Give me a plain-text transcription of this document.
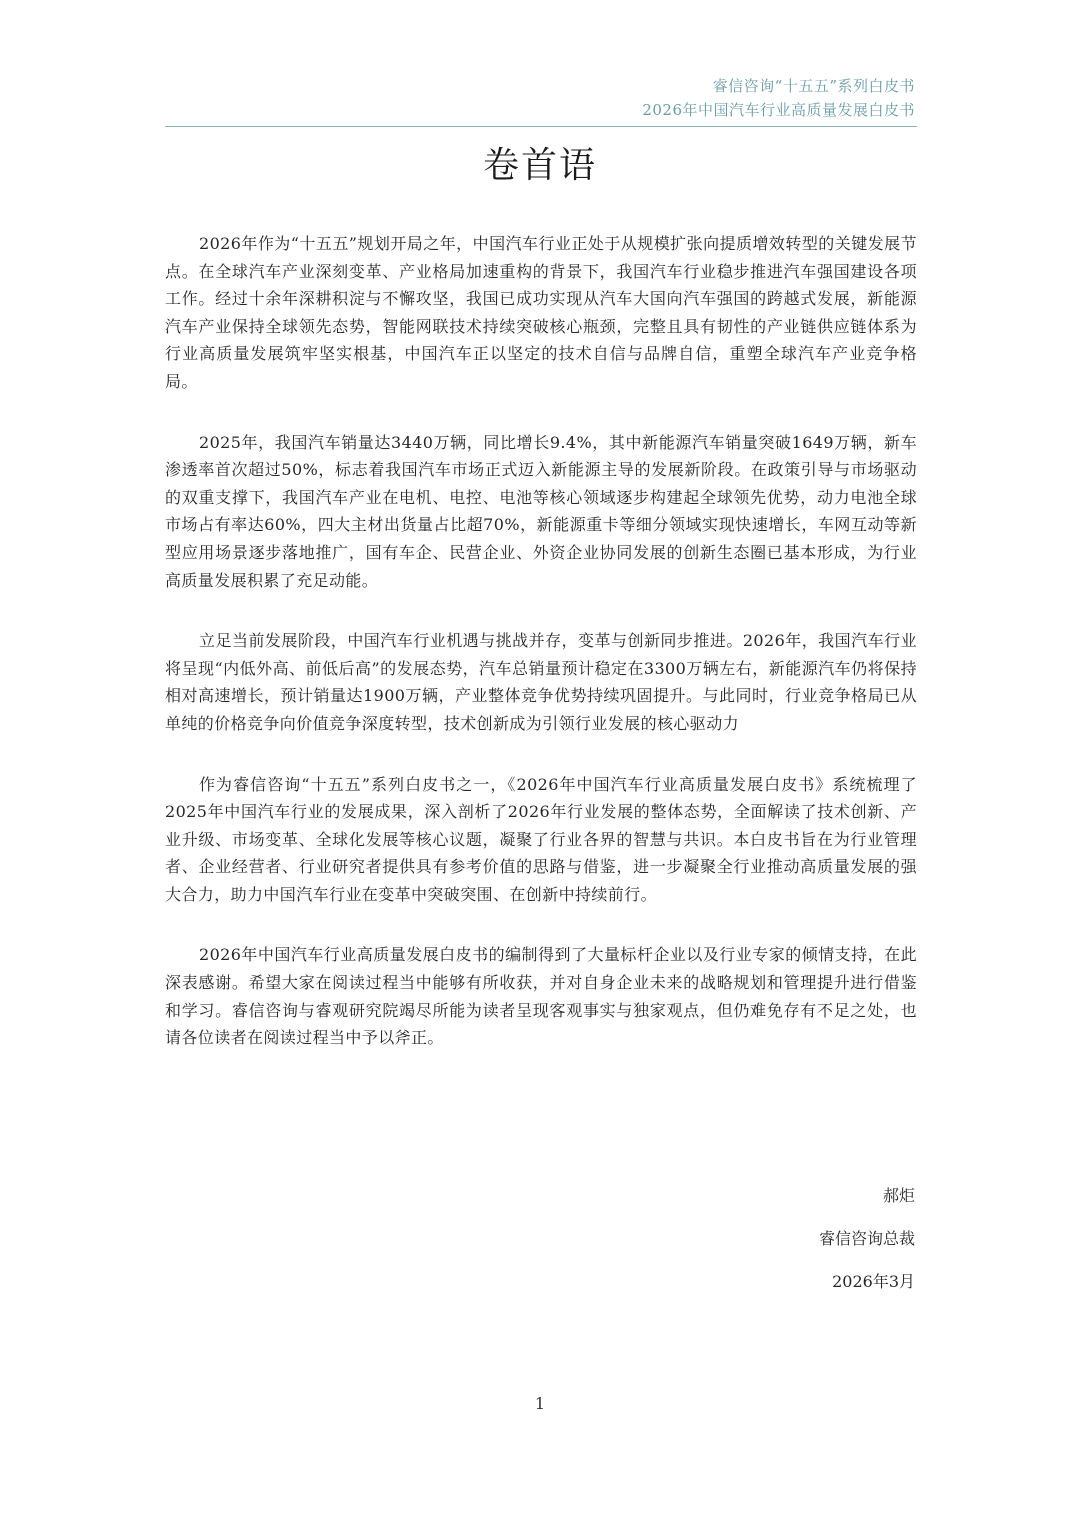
睿信咨询“十五五”系列白皮书
2026年中国汽车行业高质量发展白皮书
卷首语

2026年作为“十五五”规划开局之年，中国汽车行业正处于从规模扩张向提质增效转型的关键发展节点。在全球汽车产业深刻变革、产业格局加速重构的背景下，我国汽车行业稳步推进汽车强国建设各项工作。经过十余年深耕积淀与不懈攻坚，我国已成功实现从汽车大国向汽车强国的跨越式发展，新能源汽车产业保持全球领先态势，智能网联技术持续突破核心瓶颈，完整且具有韧性的产业链供应链体系为行业高质量发展筑牢坚实根基，中国汽车正以坚定的技术自信与品牌自信，重塑全球汽车产业竞争格局。

2025年，我国汽车销量达3440万辆，同比增长9.4%，其中新能源汽车销量突破1649万辆，新车渗透率首次超过50%，标志着我国汽车市场正式迈入新能源主导的发展新阶段。在政策引导与市场驱动的双重支撑下，我国汽车产业在电机、电控、电池等核心领域逐步构建起全球领先优势，动力电池全球市场占有率达60%，四大主材出货量占比超70%，新能源重卡等细分领域实现快速增长，车网互动等新型应用场景逐步落地推广，国有车企、民营企业、外资企业协同发展的创新生态圈已基本形成，为行业高质量发展积累了充足动能。

立足当前发展阶段，中国汽车行业机遇与挑战并存，变革与创新同步推进。2026年，我国汽车行业将呈现“内低外高、前低后高”的发展态势，汽车总销量预计稳定在3300万辆左右，新能源汽车仍将保持相对高速增长，预计销量达1900万辆，产业整体竞争优势持续巩固提升。与此同时，行业竞争格局已从单纯的价格竞争向价值竞争深度转型，技术创新成为引领行业发展的核心驱动力

作为睿信咨询“十五五”系列白皮书之一，《2026年中国汽车行业高质量发展白皮书》系统梳理了2025年中国汽车行业的发展成果，深入剖析了2026年行业发展的整体态势，全面解读了技术创新、产业升级、市场变革、全球化发展等核心议题，凝聚了行业各界的智慧与共识。本白皮书旨在为行业管理者、企业经营者、行业研究者提供具有参考价值的思路与借鉴，进一步凝聚全行业推动高质量发展的强大合力，助力中国汽车行业在变革中突破突围、在创新中持续前行。

2026年中国汽车行业高质量发展白皮书的编制得到了大量标杆企业以及行业专家的倾情支持，在此深表感谢。希望大家在阅读过程当中能够有所收获，并对自身企业未来的战略规划和管理提升进行借鉴和学习。睿信咨询与睿观研究院竭尽所能为读者呈现客观事实与独家观点，但仍难免存有不足之处，也请各位读者在阅读过程当中予以斧正。

郝炬
睿信咨询总裁
2026年3月
1
